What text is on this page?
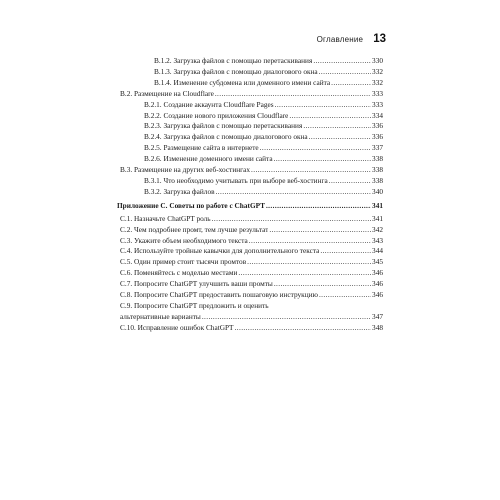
Оглавление 13
В.1.2. Загрузка файлов с помощью перетаскивания .....	330
В.1.3. Загрузка файлов с помощью диалогового окна .....	332
В.1.4. Изменение субдомена или доменного имени сайта .....	332
В.2. Размещение на Cloudflare .....	333
В.2.1. Создание аккаунта Cloudflare Pages .....	333
В.2.2. Создание нового приложения Cloudflare .....	334
В.2.3. Загрузка файлов с помощью перетаскивания .....	336
В.2.4. Загрузка файлов с помощью диалогового окна .....	336
В.2.5. Размещение сайта в интернете .....	337
В.2.6. Изменение доменного имени сайта .....	338
В.3. Размещение на других веб-хостингах .....	338
В.3.1. Что необходимо учитывать при выборе веб-хостинга .....	338
В.3.2. Загрузка файлов .....	340
Приложение С. Советы по работе с ChatGPT .....	341
С.1. Назначьте ChatGPT роль .....	341
С.2. Чем подробнее промт, тем лучше результат .....	342
С.3. Укажите объем необходимого текста .....	343
С.4. Используйте тройные кавычки для дополнительного текста .....	344
С.5. Один пример стоит тысячи промтов .....	345
С.6. Поменяйтесь с моделью местами .....	346
С.7. Попросите ChatGPT улучшить ваши промты .....	346
С.8. Попросите ChatGPT предоставить пошаговую инструкцию .....	346
С.9. Попросите ChatGPT предложить и оценить
альтернативные варианты .....	347
С.10. Исправление ошибок ChatGPT .....	348
